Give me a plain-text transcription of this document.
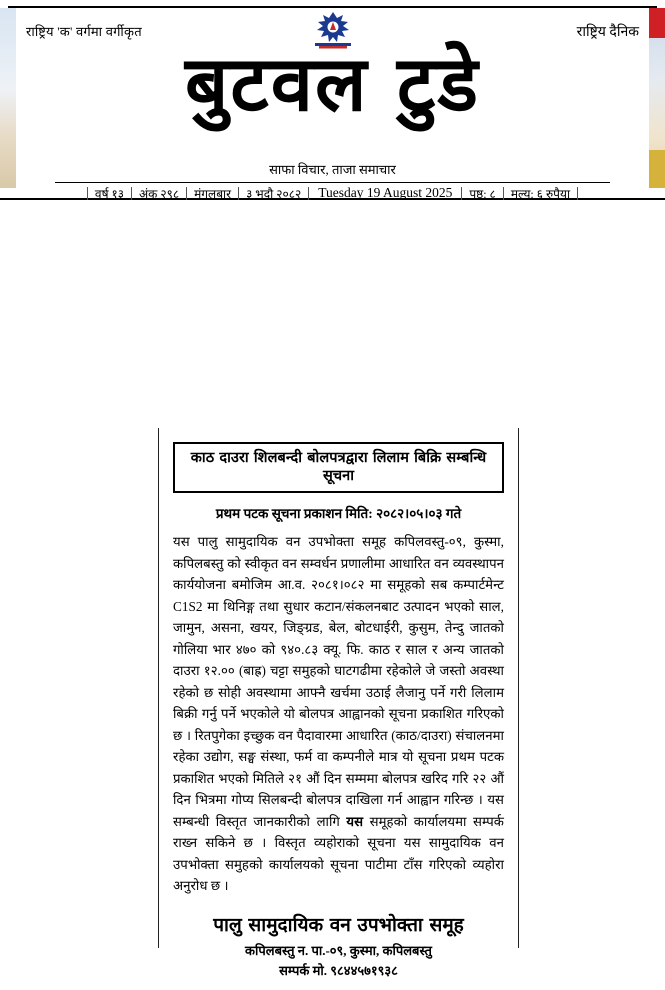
राष्ट्रिय 'क' वर्गमा वर्गीकृत	राष्ट्रिय दैनिक
बुटवल टुडे
साफा विचार, ताजा समाचार
वर्ष १३	अंक २९८	मंगलबार	३ भदौ २०८२	Tuesday 19 August 2025	पृष्ठ: ८	मूल्य: ६ रुपैया
काठ दाउरा शिलबन्दी बोलपत्रद्वारा लिलाम बिक्रि सम्बन्धि सूचना
प्रथम पटक सूचना प्रकाशन मिति: २०८२।०५।०३ गते
यस पालु सामुदायिक वन उपभोक्ता समूह कपिलवस्तु-०९, कुस्मा, कपिलबस्तु को स्वीकृत वन सम्वर्धन प्रणालीमा आधारित वन व्यवस्थापन कार्ययोजना बमोजिम आ.व. २०८१।०८२ मा समूहको सब कम्पार्टमेन्ट C1S2 मा थिनिङ्ग तथा सुधार कटान/संकलनबाट उत्पादन भएको साल, जामुन, असना, खयर, जिङ्ग्रड, बेल, बोटधाईरी, कुसुम, तेन्दु जातको गोलिया भार ४७० को ९४०.८३ क्यू. फि. काठ र साल र अन्य जातको दाउरा १२.०० (बाह्र) चट्टा समुहको घाटगढीमा रहेकोले जे जस्तो अवस्था रहेको छ सोही अवस्थामा आफ्नै खर्चमा उठाई लैजानु पर्ने गरी लिलाम बिक्री गर्नु पर्ने भएकोले यो बोलपत्र आह्वानको सूचना प्रकाशित गरिएको छ । रितपुगेका इच्छुक वन पैदावारमा आधारित (काठ/दाउरा) संचालनमा रहेका उद्योग, सङ्घ संस्था, फर्म वा कम्पनीले मात्र यो सूचना प्रथम पटक प्रकाशित भएको मितिले २१ औं दिन सम्ममा बोलपत्र खरिद गरि २२ औं दिन भित्रमा गोप्य सिलबन्दी बोलपत्र दाखिला गर्न आह्वान गरिन्छ । यस सम्बन्धी विस्तृत जानकारीको लागि यस समूहको कार्यालयमा सम्पर्क राख्न सकिने छ । विस्तृत व्यहोराको सूचना यस सामुदायिक वन उपभोक्ता समुहको कार्यालयको सूचना पाटीमा टाँस गरिएको व्यहोरा अनुरोध छ ।
पालु सामुदायिक वन उपभोक्ता समूह
कपिलबस्तु न. पा.-०९, कुस्मा, कपिलबस्तु
सम्पर्क मो. ९८४४५७१९३८
